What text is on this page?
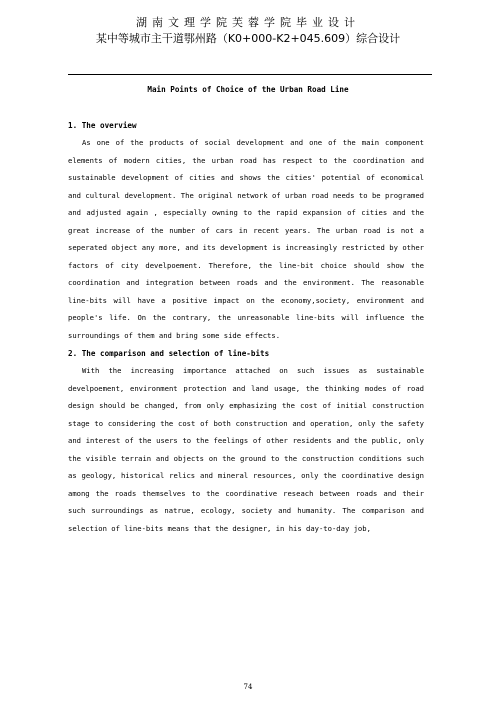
湖南文理学院芙蓉学院毕业设计
某中等城市主干道鄂州路（K0+000-K2+045.609）综合设计
Main Points of Choice of the Urban Road Line
1. The overview

As one of the products of social development and one of the main component elements of modern cities, the urban road has respect to the coordination and sustainable development of cities and shows the cities' potential of economical and cultural development. The original network of urban road needs to be programed and adjusted again , especially owning to the rapid expansion of cities and the great increase of the number of cars in recent years. The urban road is not a seperated object any more, and its development is increasingly restricted by other factors of city develpoement. Therefore, the line-bit choice should show the coordination and integration between roads and the environment. The reasonable line-bits will have a positive impact on the economy,society, environment and people's life. On the contrary, the unreasonable line-bits will influence the surroundings of them and bring some side effects.

2. The comparison and selection of line-bits

With the increasing importance attached on such issues as sustainable develpoement, environment protection and land usage, the thinking modes of road design should be changed, from only emphasizing the cost of initial construction stage to considering the cost of both construction and operation, only the safety and interest of the users to the feelings of other residents and the public, only the visible terrain and objects on the ground to the construction conditions such as geology, historical relics and mineral resources, only the coordinative design among the roads themselves to the coordinative reseach between roads and their such surroundings as natrue, ecology, society and humanity. The comparison and selection of line-bits means that the designer, in his day-to-day job,

74
